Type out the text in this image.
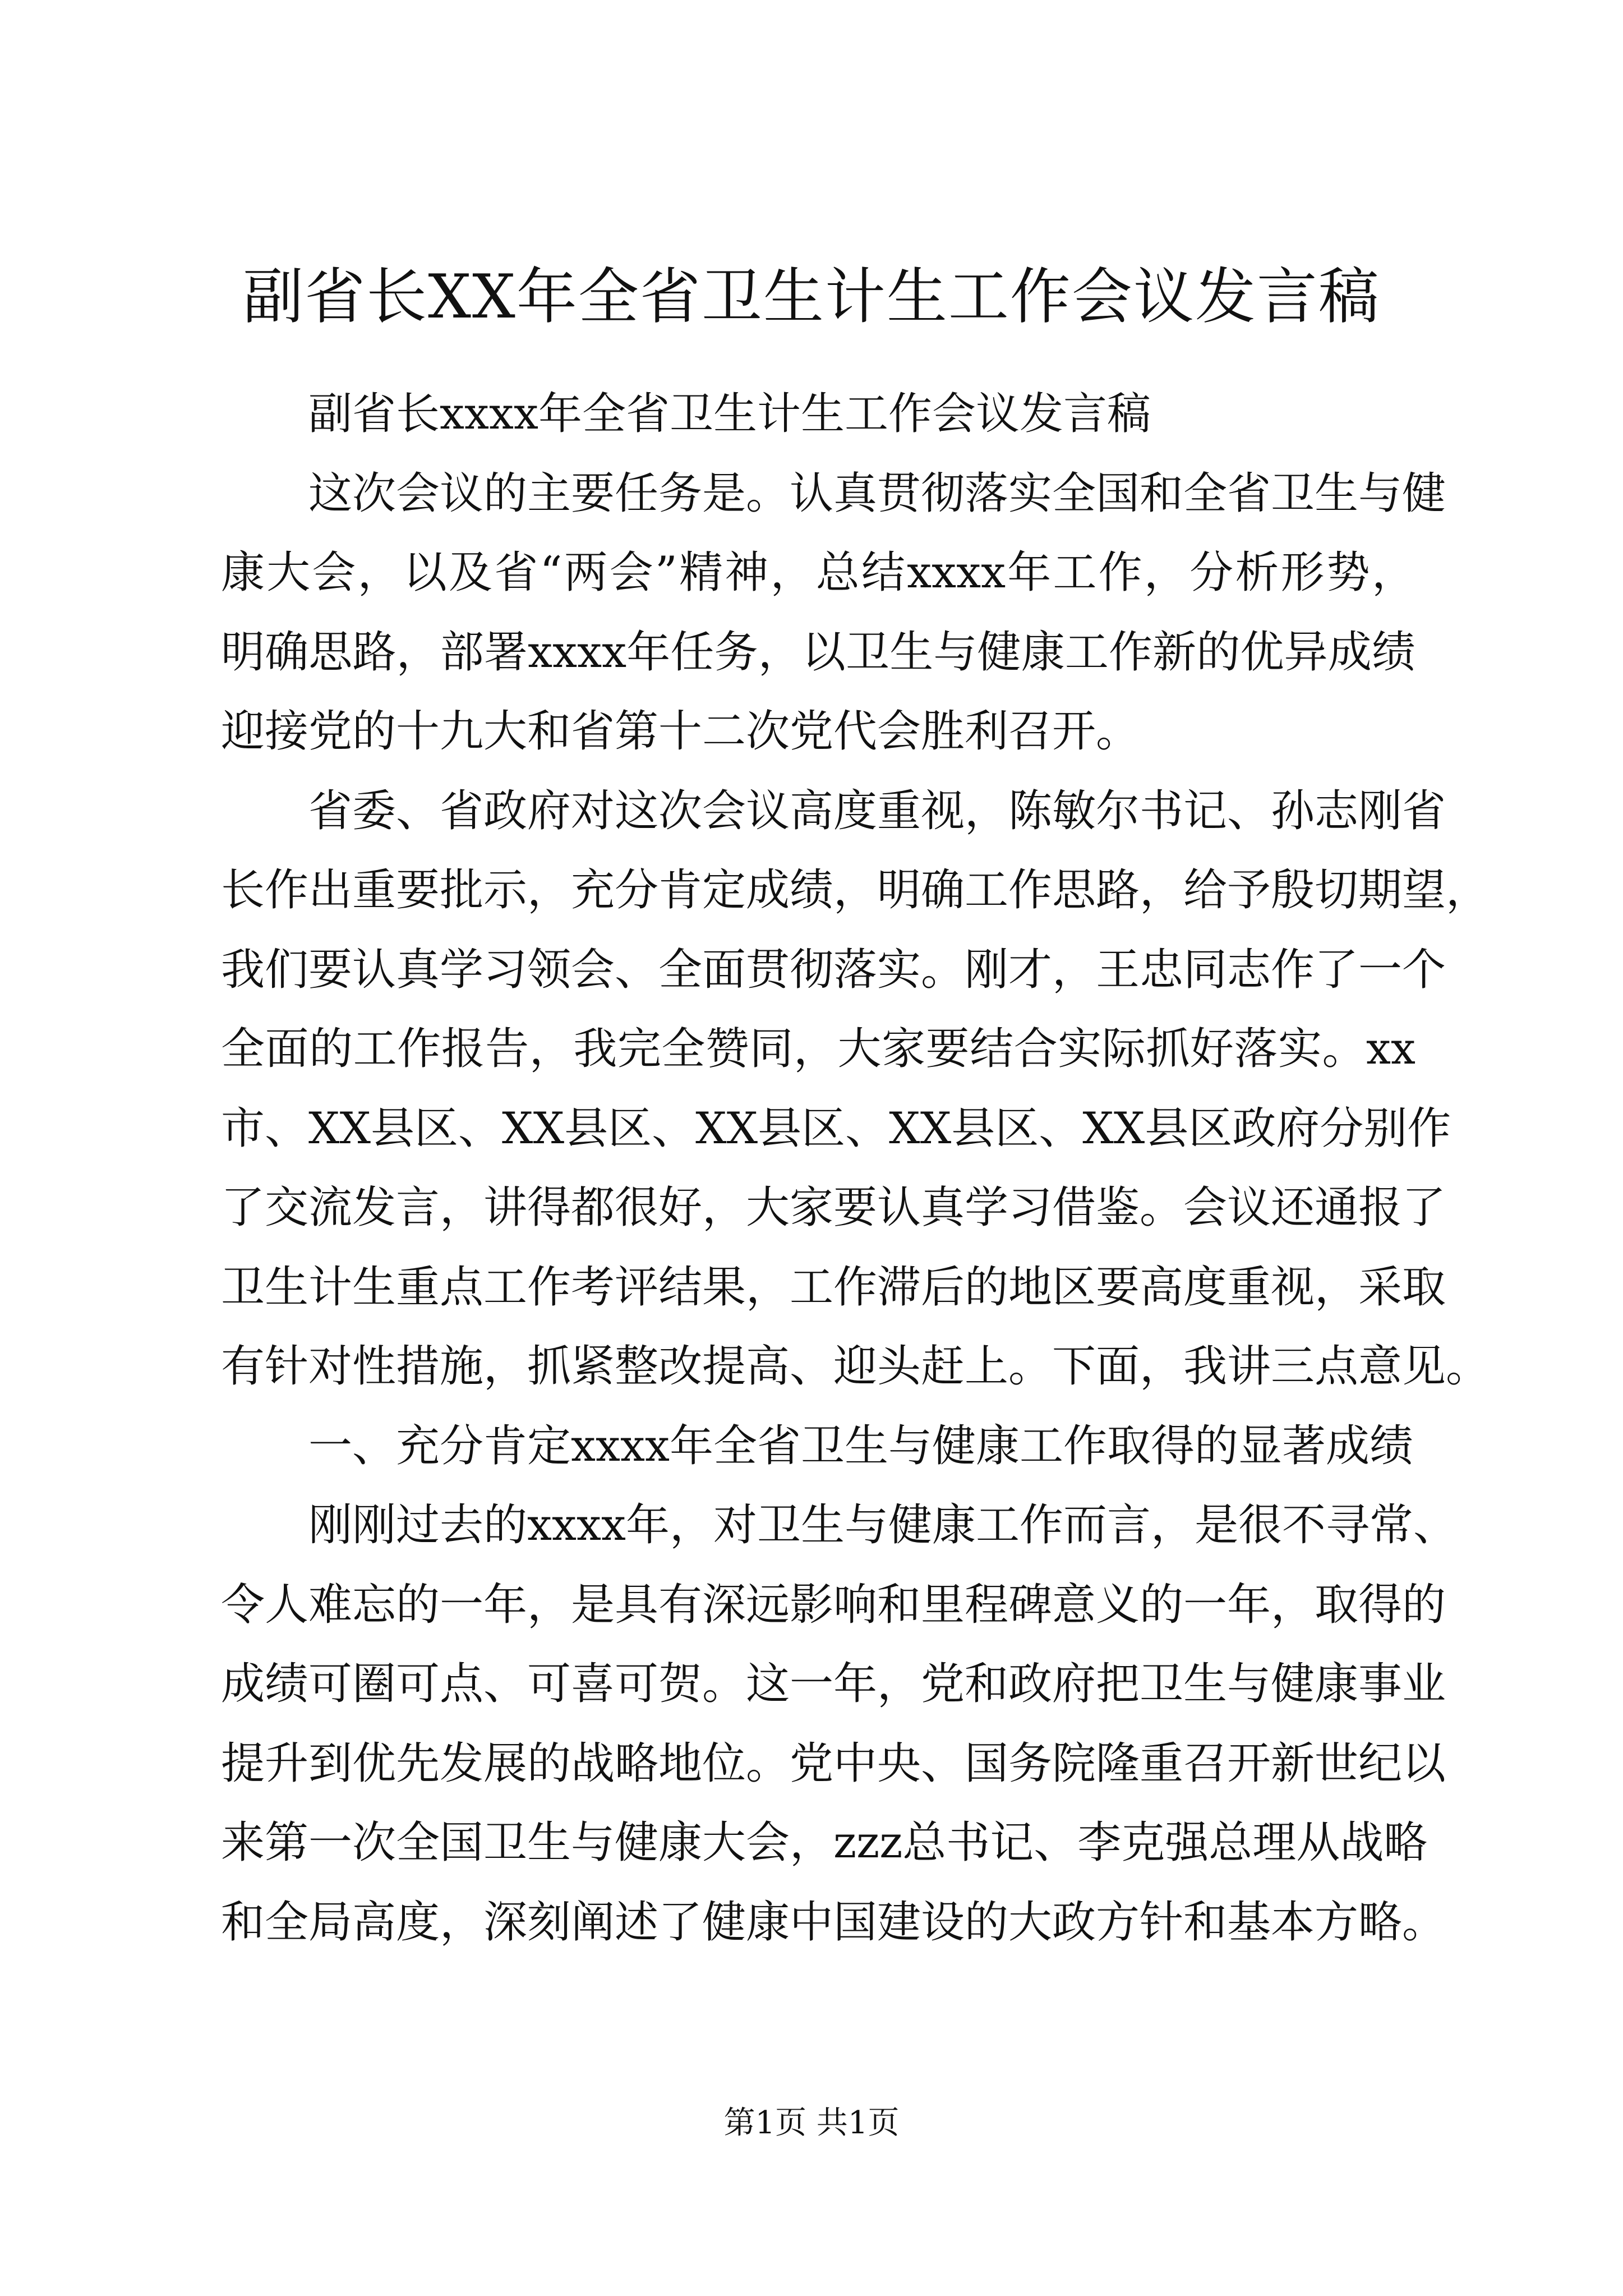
副省长XX年全省卫生计生工作会议发言稿
副省长xxxx年全省卫生计生工作会议发言稿
这次会议的主要任务是。认真贯彻落实全国和全省卫生与健
康大会，以及省“两会”精神，总结xxxx年工作，分析形势，
明确思路，部署xxxx年任务，以卫生与健康工作新的优异成绩
迎接党的十九大和省第十二次党代会胜利召开。
省委、省政府对这次会议高度重视，陈敏尔书记、孙志刚省
长作出重要批示，充分肯定成绩，明确工作思路，给予殷切期望，
我们要认真学习领会、全面贯彻落实。刚才，王忠同志作了一个
全面的工作报告，我完全赞同，大家要结合实际抓好落实。xx
市、XX县区、XX县区、XX县区、XX县区、XX县区政府分别作
了交流发言，讲得都很好，大家要认真学习借鉴。会议还通报了
卫生计生重点工作考评结果，工作滞后的地区要高度重视，采取
有针对性措施，抓紧整改提高、迎头赶上。下面，我讲三点意见。
一、充分肯定xxxx年全省卫生与健康工作取得的显著成绩
刚刚过去的xxxx年，对卫生与健康工作而言，是很不寻常、
令人难忘的一年，是具有深远影响和里程碑意义的一年，取得的
成绩可圈可点、可喜可贺。这一年，党和政府把卫生与健康事业
提升到优先发展的战略地位。党中央、国务院隆重召开新世纪以
来第一次全国卫生与健康大会，zzz总书记、李克强总理从战略
和全局高度，深刻阐述了健康中国建设的大政方针和基本方略。
第1页 共1页
